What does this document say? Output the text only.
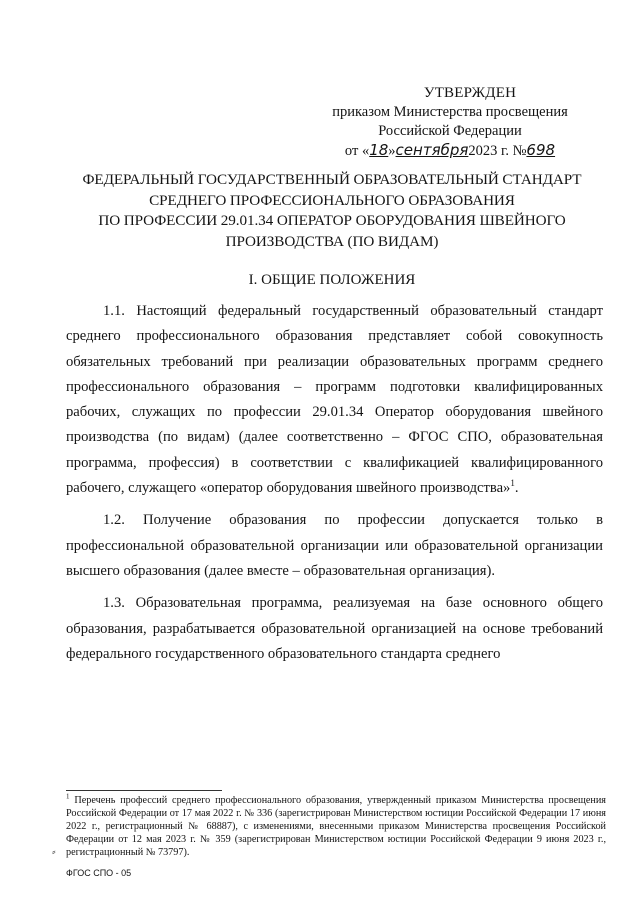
УТВЕРЖДЕН
приказом Министерства просвещения
Российской Федерации
от «18»сентября2023 г. №698
ФЕДЕРАЛЬНЫЙ ГОСУДАРСТВЕННЫЙ ОБРАЗОВАТЕЛЬНЫЙ СТАНДАРТ
СРЕДНЕГО ПРОФЕССИОНАЛЬНОГО ОБРАЗОВАНИЯ
ПО ПРОФЕССИИ 29.01.34 ОПЕРАТОР ОБОРУДОВАНИЯ ШВЕЙНОГО
ПРОИЗВОДСТВА (ПО ВИДАМ)
I. ОБЩИЕ ПОЛОЖЕНИЯ

1.1. Настоящий федеральный государственный образовательный стандарт среднего профессионального образования представляет собой совокупность обязательных требований при реализации образовательных программ среднего профессионального образования – программ подготовки квалифицированных рабочих, служащих по профессии 29.01.34 Оператор оборудования швейного производства (по видам) (далее соответственно – ФГОС СПО, образовательная программа, профессия) в соответствии с квалификацией квалифицированного рабочего, служащего «оператор оборудования швейного производства»$^1$.

1.2. Получение образования по профессии допускается только в профессиональной образовательной организации или образовательной организации высшего образования (далее вместе – образовательная организация).

1.3. Образовательная программа, реализуемая на базе основного общего образования, разрабатывается образовательной организацией на основе требований федерального государственного образовательного стандарта среднего

$^1$ Перечень профессий среднего профессионального образования, утвержденный приказом Министерства просвещения Российской Федерации от 17 мая 2022 г. № 336 (зарегистрирован Министерством юстиции Российской Федерации 17 июня 2022 г., регистрационный № 68887), с изменениями, внесенными приказом Министерства просвещения Российской Федерации от 12 мая 2023 г. № 359 (зарегистрирован Министерством юстиции Российской Федерации 9 июня 2023 г., регистрационный № 73797).
⸗
ФГОС СПО - 05
